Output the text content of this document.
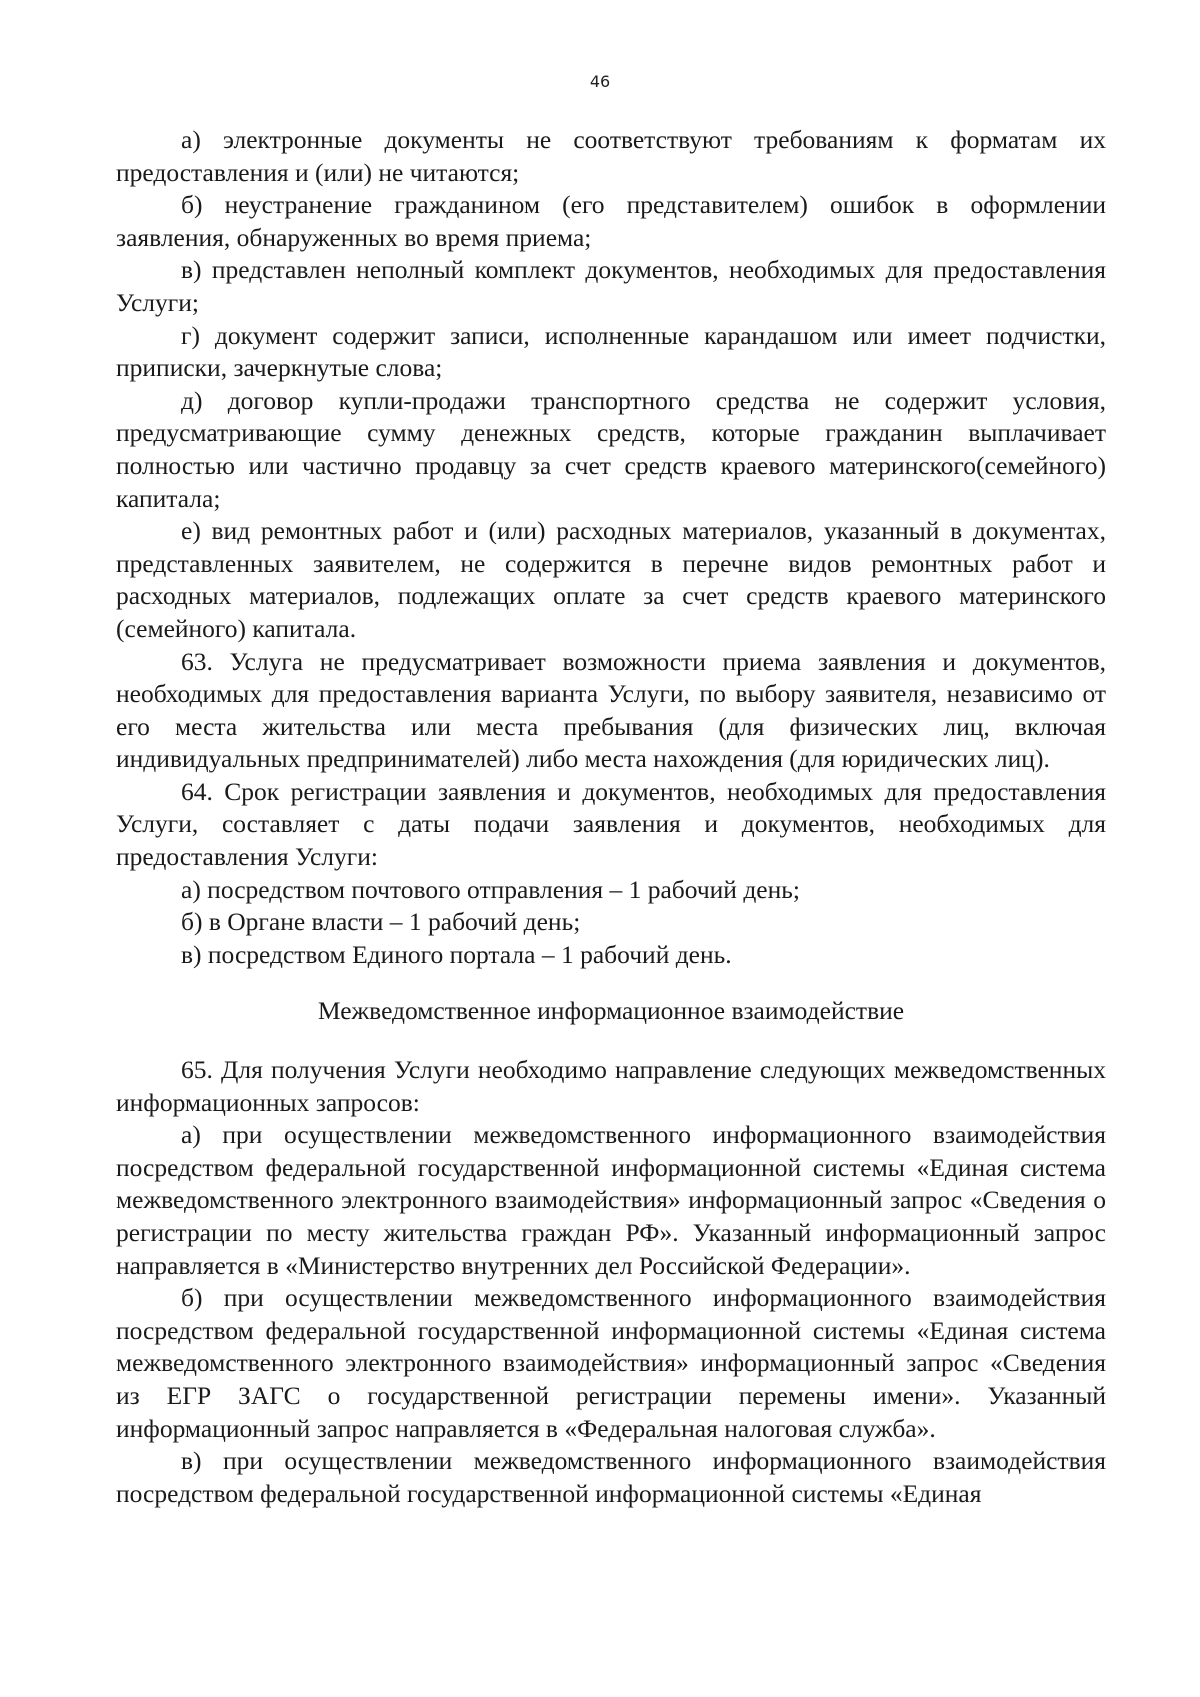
46

а) электронные документы не соответствуют требованиям к форматам их предоставления и (или) не читаются;

б) неустранение гражданином (его представителем) ошибок в оформлении заявления, обнаруженных во время приема;

в) представлен неполный комплект документов, необходимых для предоставления Услуги;

г) документ содержит записи, исполненные карандашом или имеет подчистки, приписки, зачеркнутые слова;

д) договор купли-продажи транспортного средства не содержит условия, предусматривающие сумму денежных средств, которые гражданин выплачивает полностью или частично продавцу за счет средств краевого материнского(семейного) капитала;

е) вид ремонтных работ и (или) расходных материалов, указанный в документах, представленных заявителем, не содержится в перечне видов ремонтных работ и расходных материалов, подлежащих оплате за счет средств краевого материнского (семейного) капитала.

63. Услуга не предусматривает возможности приема заявления и документов, необходимых для предоставления варианта Услуги, по выбору заявителя, независимо от его места жительства или места пребывания (для физических лиц, включая индивидуальных предпринимателей) либо места нахождения (для юридических лиц).

64. Срок регистрации заявления и документов, необходимых для предоставления Услуги, составляет с даты подачи заявления и документов, необходимых для предоставления Услуги:

а) посредством почтового отправления – 1 рабочий день;

б) в Органе власти – 1 рабочий день;

в) посредством Единого портала – 1 рабочий день.

Межведомственное информационное взаимодействие

65. Для получения Услуги необходимо направление следующих межведомственных информационных запросов:

а) при осуществлении межведомственного информационного взаимодействия посредством федеральной государственной информационной системы «Единая система межведомственного электронного взаимодействия» информационный запрос «Сведения о регистрации по месту жительства граждан РФ». Указанный информационный запрос направляется в «Министерство внутренних дел Российской Федерации».

б) при осуществлении межведомственного информационного взаимодействия посредством федеральной государственной информационной системы «Единая система межведомственного электронного взаимодействия» информационный запрос «Сведения из ЕГР ЗАГС о государственной регистрации перемены имени». Указанный информационный запрос направляется в «Федеральная налоговая служба».

в) при осуществлении межведомственного информационного взаимодействия посредством федеральной государственной информационной системы «Единая
